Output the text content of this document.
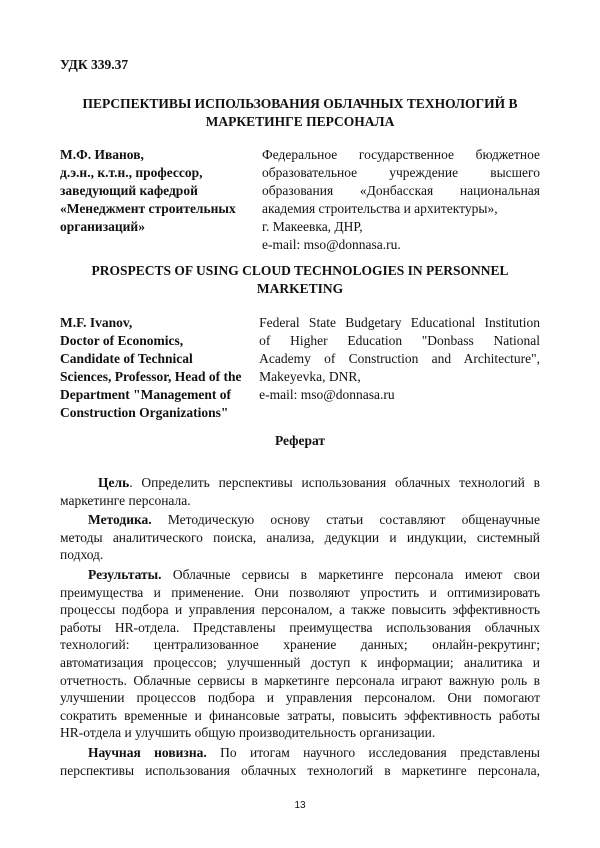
УДК 339.37
ПЕРСПЕКТИВЫ ИСПОЛЬЗОВАНИЯ ОБЛАЧНЫХ ТЕХНОЛОГИЙ В
МАРКЕТИНГЕ ПЕРСОНАЛА
М.Ф. Иванов,
д.э.н., к.т.н., профессор,
заведующий кафедрой
«Менеджмент строительных
организаций»
Федеральное государственное бюджетное
образовательное учреждение высшего
образования «Донбасская национальная
академия строительства и архитектуры»,
г. Макеевка, ДНР,
e-mail: mso@donnasa.ru.
PROSPECTS OF USING CLOUD TECHNOLOGIES IN PERSONNEL
MARKETING
M.F. Ivanov,
Doctor of Economics,
Candidate of Technical
Sciences, Professor, Head of the
Department "Management of
Construction Organizations"
Federal State Budgetary Educational Institution
of Higher Education "Donbass National
Academy of Construction and Architecture",
Makeyevka, DNR,
e-mail: mso@donnasa.ru
Реферат
Цель. Определить перспективы использования облачных технологий в
маркетинге персонала.
Методика. Методическую основу статьи составляют общенаучные
методы аналитического поиска, анализа, дедукции и индукции, системный
подход.
Результаты. Облачные сервисы в маркетинге персонала имеют свои
преимущества и применение. Они позволяют упростить и оптимизировать
процессы подбора и управления персоналом, а также повысить эффективность
работы HR-отдела. Представлены преимущества использования облачных
технологий: централизованное хранение данных; онлайн-рекрутинг;
автоматизация процессов; улучшенный доступ к информации; аналитика и
отчетность. Облачные сервисы в маркетинге персонала играют важную роль в
улучшении процессов подбора и управления персоналом. Они помогают
сократить временные и финансовые затраты, повысить эффективность работы
HR-отдела и улучшить общую производительность организации.
Научная новизна. По итогам научного исследования представлены
перспективы использования облачных технологий в маркетинге персонала,
13
